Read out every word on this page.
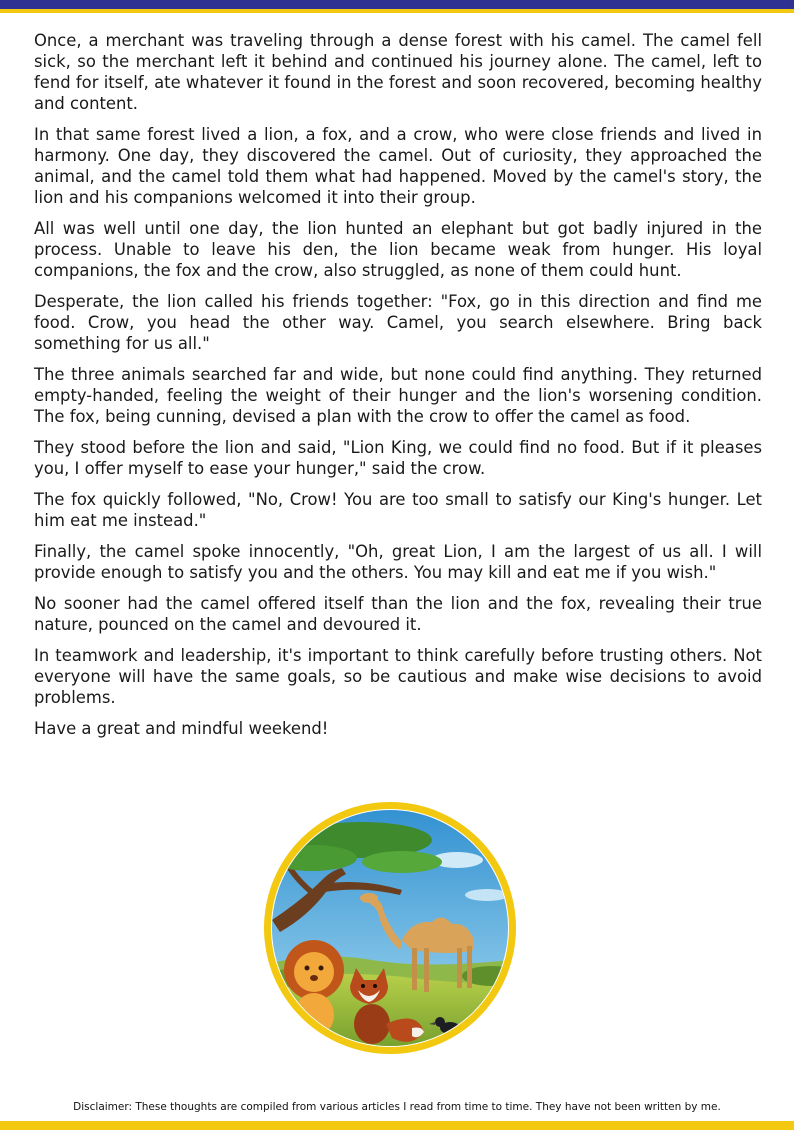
Once, a merchant was traveling through a dense forest with his camel. The camel fell sick, so the merchant left it behind and continued his journey alone. The camel, left to fend for itself, ate whatever it found in the forest and soon recovered, becoming healthy and content.

In that same forest lived a lion, a fox, and a crow, who were close friends and lived in harmony. One day, they discovered the camel. Out of curiosity, they approached the animal, and the camel told them what had happened. Moved by the camel's story, the lion and his companions welcomed it into their group.

All was well until one day, the lion hunted an elephant but got badly injured in the process. Unable to leave his den, the lion became weak from hunger. His loyal companions, the fox and the crow, also struggled, as none of them could hunt.

Desperate, the lion called his friends together: "Fox, go in this direction and find me food. Crow, you head the other way. Camel, you search elsewhere. Bring back something for us all."

The three animals searched far and wide, but none could find anything. They returned empty-handed, feeling the weight of their hunger and the lion's worsening condition. The fox, being cunning, devised a plan with the crow to offer the camel as food.

They stood before the lion and said, "Lion King, we could find no food. But if it pleases you, I offer myself to ease your hunger," said the crow.

The fox quickly followed, "No, Crow! You are too small to satisfy our King's hunger. Let him eat me instead."

Finally, the camel spoke innocently, "Oh, great Lion, I am the largest of us all. I will provide enough to satisfy you and the others. You may kill and eat me if you wish."

No sooner had the camel offered itself than the lion and the fox, revealing their true nature, pounced on the camel and devoured it.

In teamwork and leadership, it's important to think carefully before trusting others. Not everyone will have the same goals, so be cautious and make wise decisions to avoid problems.

Have a great and mindful weekend!

Disclaimer: These thoughts are compiled from various articles I read from time to time. They have not been written by me.
